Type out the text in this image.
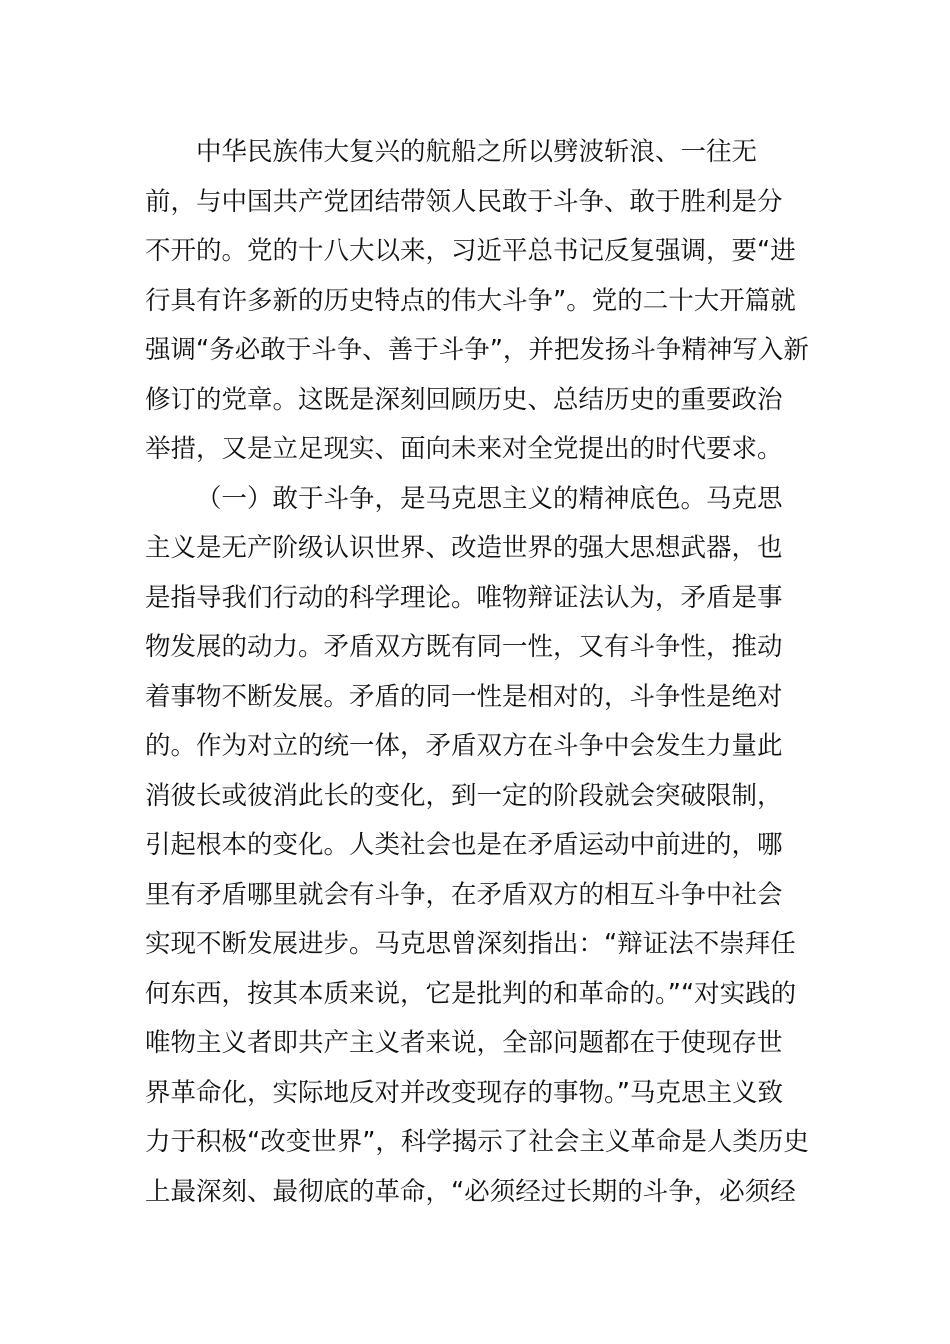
中华民族伟大复兴的航船之所以劈波斩浪、一往无
前，与中国共产党团结带领人民敢于斗争、敢于胜利是分
不开的。党的十八大以来，习近平总书记反复强调，要“进
行具有许多新的历史特点的伟大斗争”。党的二十大开篇就
强调“务必敢于斗争、善于斗争”，并把发扬斗争精神写入新
修订的党章。这既是深刻回顾历史、总结历史的重要政治
举措，又是立足现实、面向未来对全党提出的时代要求。
（一）敢于斗争，是马克思主义的精神底色。马克思
主义是无产阶级认识世界、改造世界的强大思想武器，也
是指导我们行动的科学理论。唯物辩证法认为，矛盾是事
物发展的动力。矛盾双方既有同一性，又有斗争性，推动
着事物不断发展。矛盾的同一性是相对的，斗争性是绝对
的。作为对立的统一体，矛盾双方在斗争中会发生力量此
消彼长或彼消此长的变化，到一定的阶段就会突破限制，
引起根本的变化。人类社会也是在矛盾运动中前进的，哪
里有矛盾哪里就会有斗争，在矛盾双方的相互斗争中社会
实现不断发展进步。马克思曾深刻指出：“辩证法不崇拜任
何东西，按其本质来说，它是批判的和革命的。”“对实践的
唯物主义者即共产主义者来说，全部问题都在于使现存世
界革命化，实际地反对并改变现存的事物。”马克思主义致
力于积极“改变世界”，科学揭示了社会主义革命是人类历史
上最深刻、最彻底的革命，“必须经过长期的斗争，必须经
